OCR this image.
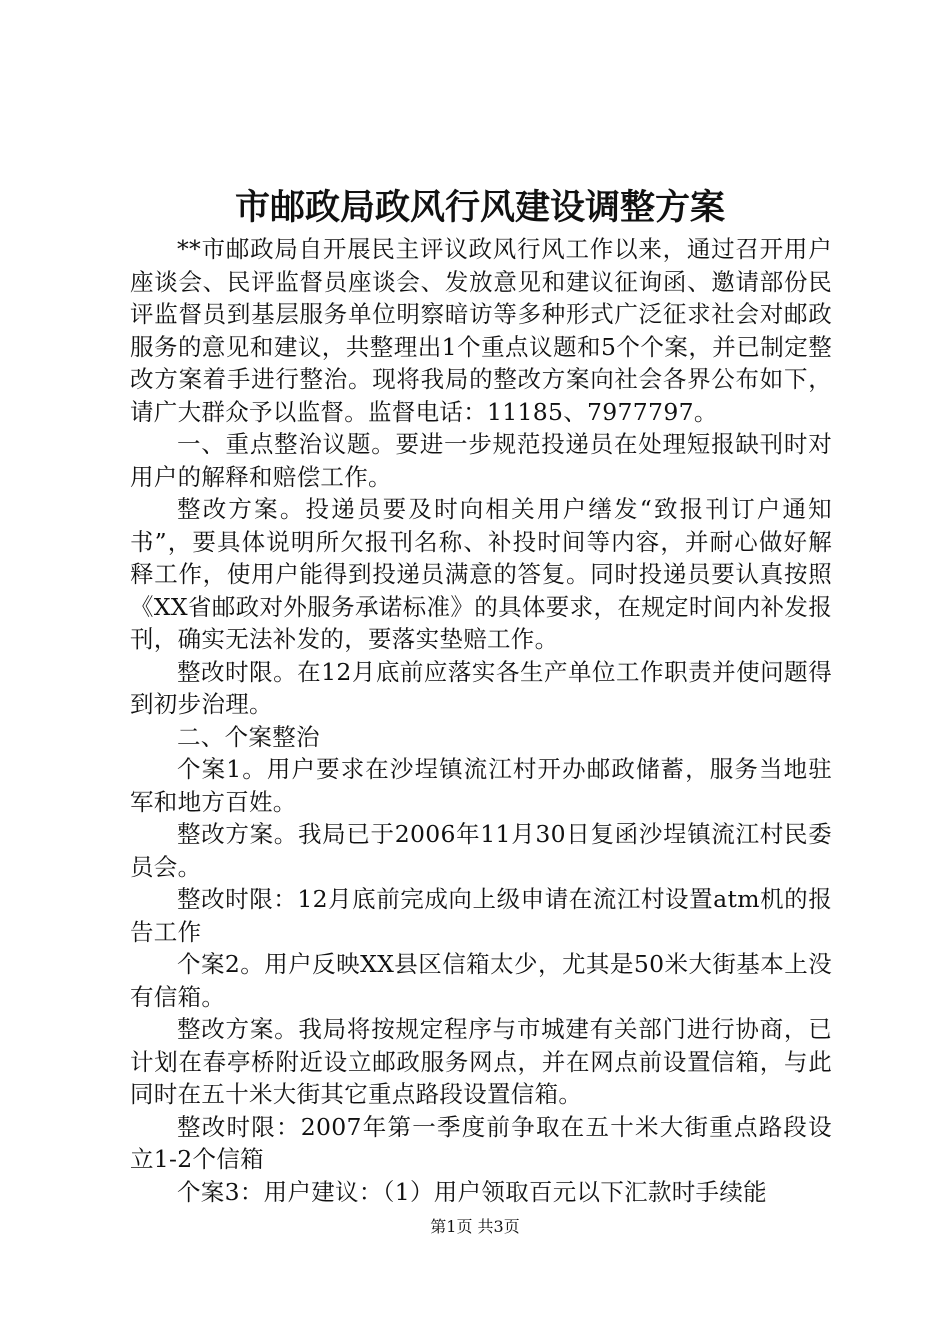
市邮政局政风行风建设调整方案

**市邮政局自开展民主评议政风行风工作以来，通过召开用户座谈会、民评监督员座谈会、发放意见和建议征询函、邀请部份民评监督员到基层服务单位明察暗访等多种形式广泛征求社会对邮政服务的意见和建议，共整理出1个重点议题和5个个案，并已制定整改方案着手进行整治。现将我局的整改方案向社会各界公布如下，请广大群众予以监督。监督电话：11185、7977797。

一、重点整治议题。要进一步规范投递员在处理短报缺刊时对用户的解释和赔偿工作。

整改方案。投递员要及时向相关用户缮发“致报刊订户通知书”，要具体说明所欠报刊名称、补投时间等内容，并耐心做好解释工作，使用户能得到投递员满意的答复。同时投递员要认真按照《XX省邮政对外服务承诺标准》的具体要求，在规定时间内补发报刊，确实无法补发的，要落实垫赔工作。

整改时限。在12月底前应落实各生产单位工作职责并使问题得到初步治理。

二、个案整治

个案1。用户要求在沙埕镇流江村开办邮政储蓄，服务当地驻军和地方百姓。

整改方案。我局已于2006年11月30日复函沙埕镇流江村民委员会。

整改时限：12月底前完成向上级申请在流江村设置atm机的报告工作

个案2。用户反映XX县区信箱太少，尤其是50米大街基本上没有信箱。

整改方案。我局将按规定程序与市城建有关部门进行协商，已计划在春亭桥附近设立邮政服务网点，并在网点前设置信箱，与此同时在五十米大街其它重点路段设置信箱。

整改时限：2007年第一季度前争取在五十米大街重点路段设立1-2个信箱

个案3：用户建议：（1）用户领取百元以下汇款时手续能

第1页 共3页
